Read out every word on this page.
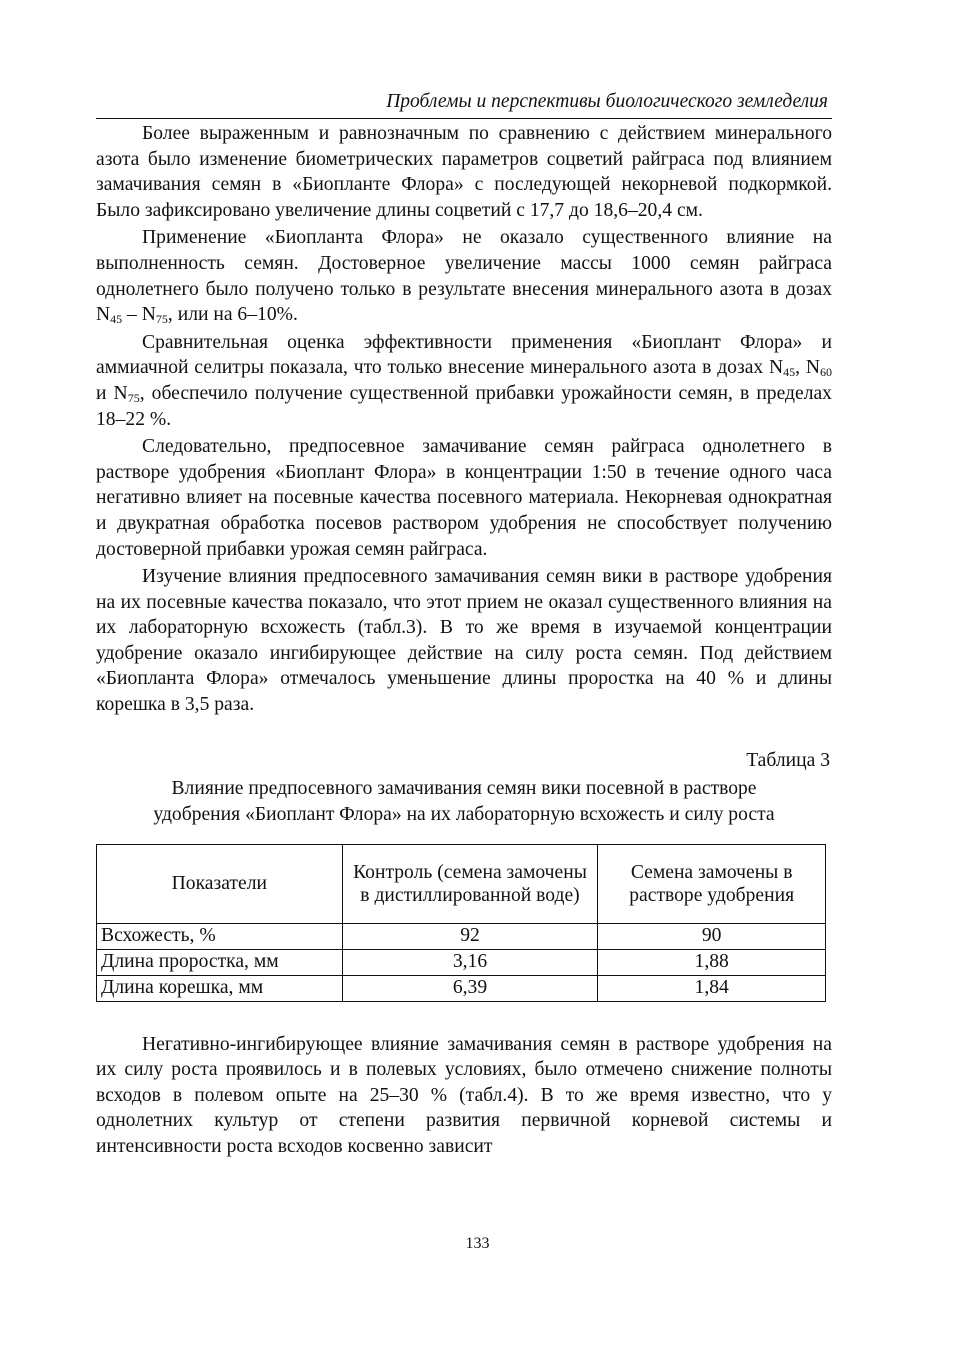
Проблемы и перспективы биологического земледелия

Более выраженным и равнозначным по сравнению с действием минерального азота было изменение биометрических параметров соцветий райграса под влиянием замачивания семян в «Биопланте Флора» с последующей некорневой подкормкой. Было зафиксировано увеличение длины соцветий с 17,7 до 18,6–20,4 см.

Применение «Биопланта Флора» не оказало существенного влияние на выполненность семян. Достоверное увеличение массы 1000 семян райграса однолетнего было получено только в результате внесения минерального азота в дозах $N_{45} - N_{75}$, или на 6–10%.

Сравнительная оценка эффективности применения «Биоплант Флора» и аммиачной селитры показала, что только внесение минерального азота в дозах $N_{45}$, $N_{60}$ и $N_{75}$, обеспечило получение существенной прибавки урожайности семян, в пределах 18–22 %.

Следовательно, предпосевное замачивание семян райграса однолетнего в растворе удобрения «Биоплант Флора» в концентрации 1:50 в течение одного часа негативно влияет на посевные качества посевного материала. Некорневая однократная и двукратная обработка посевов раствором удобрения не способствует получению достоверной прибавки урожая семян райграса.

Изучение влияния предпосевного замачивания семян вики в растворе удобрения на их посевные качества показало, что этот прием не оказал существенного влияния на их лабораторную всхожесть (табл.3). В то же время в изучаемой концентрации удобрение оказало ингибирующее действие на силу роста семян. Под действием «Биопланта Флора» отмечалось уменьшение длины проростка на 40 % и длины корешка в 3,5 раза.

Таблица 3
Влияние предпосевного замачивания семян вики посевной в растворе
удобрения «Биоплант Флора» на их лабораторную всхожесть и силу роста
Показатели	Контроль (семена замочены в дистиллированной воде)	Семена замочены в растворе удобрения
Всхожесть, %	92	90
Длина проростка, мм	3,16	1,88
Длина корешка, мм	6,39	1,84

Негативно-ингибирующее влияние замачивания семян в растворе удобрения на их силу роста проявилось и в полевых условиях, было отмечено снижение полноты всходов в полевом опыте на 25–30 % (табл.4). В то же время известно, что у однолетних культур от степени развития первичной корневой системы и интенсивности роста всходов косвенно зависит

133
